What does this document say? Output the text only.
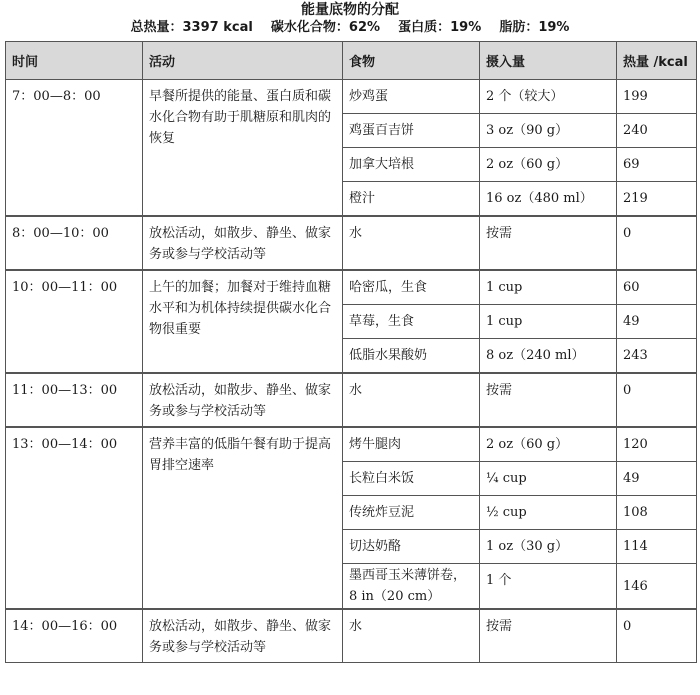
能量底物的分配
总热量：3397 kcal    碳水化合物：62%    蛋白质：19%    脂肪：19%
时间	活动	食物	摄入量	热量 /kcal
7：00—8：00	早餐所提供的能量、蛋白质和碳水化合物有助于肌糖原和肌肉的恢复	炒鸡蛋	2 个（较大）	199
		鸡蛋百吉饼	3 oz（90 g）	240
		加拿大培根	2 oz（60 g）	69
		橙汁	16 oz（480 ml）	219
8：00—10：00	放松活动，如散步、静坐、做家务或参与学校活动等	水	按需	0
10：00—11：00	上午的加餐；加餐对于维持血糖水平和为机体持续提供碳水化合物很重要	哈密瓜，生食	1 cup	60
		草莓，生食	1 cup	49
		低脂水果酸奶	8 oz（240 ml）	243
11：00—13：00	放松活动，如散步、静坐、做家务或参与学校活动等	水	按需	0
13：00—14：00	营养丰富的低脂午餐有助于提高胃排空速率	烤牛腿肉	2 oz（60 g）	120
		长粒白米饭	¼ cup	49
		传统炸豆泥	½ cup	108
		切达奶酪	1 oz（30 g）	114
		墨西哥玉米薄饼卷，8 in（20 cm）	1 个	146
14：00—16：00	放松活动，如散步、静坐、做家务或参与学校活动等	水	按需	0
